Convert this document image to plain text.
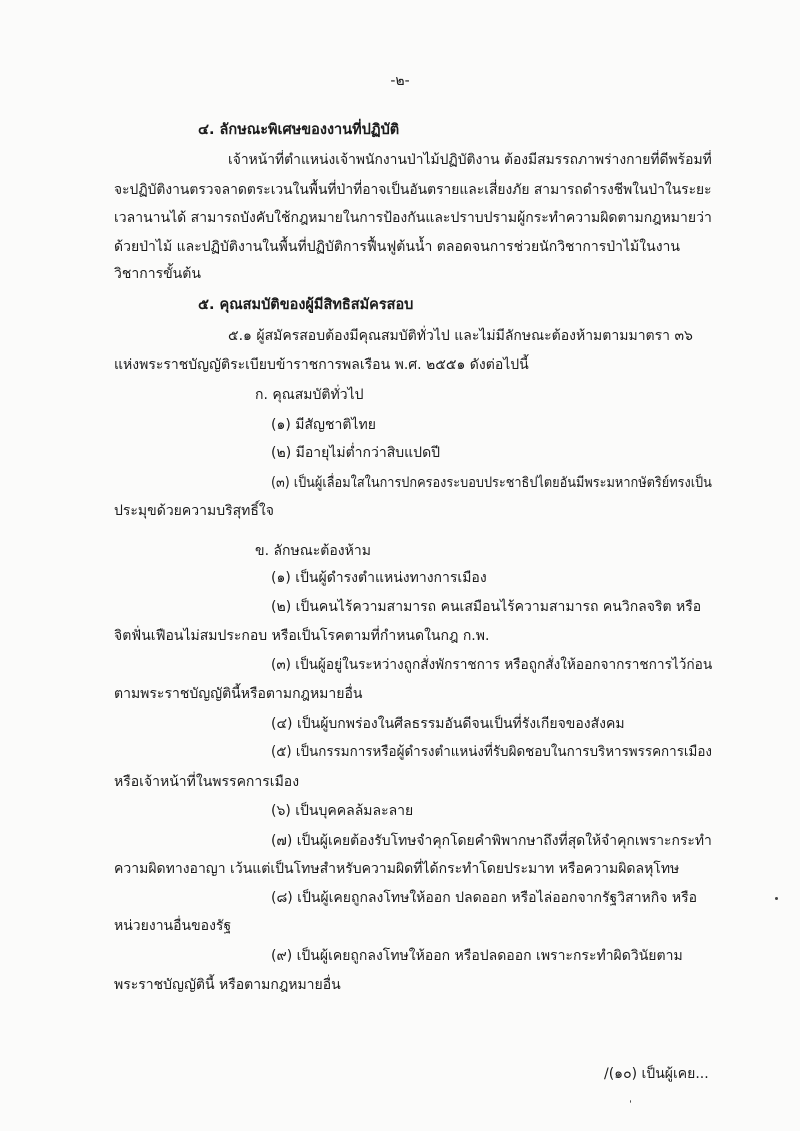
-๒-
๔. ลักษณะพิเศษของงานที่ปฏิบัติ
เจ้าหน้าที่ตำแหน่งเจ้าพนักงานป่าไม้ปฏิบัติงาน ต้องมีสมรรถภาพร่างกายที่ดีพร้อมที่
จะปฏิบัติงานตรวจลาดตระเวนในพื้นที่ป่าที่อาจเป็นอันตรายและเสี่ยงภัย สามารถดำรงชีพในป่าในระยะ
เวลานานได้ สามารถบังคับใช้กฎหมายในการป้องกันและปราบปรามผู้กระทำความผิดตามกฎหมายว่า
ด้วยป่าไม้ และปฏิบัติงานในพื้นที่ปฏิบัติการฟื้นฟูต้นน้ำ ตลอดจนการช่วยนักวิชาการป่าไม้ในงาน
วิชาการขั้นต้น
๕. คุณสมบัติของผู้มีสิทธิสมัครสอบ
๕.๑ ผู้สมัครสอบต้องมีคุณสมบัติทั่วไป และไม่มีลักษณะต้องห้ามตามมาตรา ๓๖
แห่งพระราชบัญญัติระเบียบข้าราชการพลเรือน พ.ศ. ๒๕๕๑ ดังต่อไปนี้
ก. คุณสมบัติทั่วไป
(๑) มีสัญชาติไทย
(๒) มีอายุไม่ต่ำกว่าสิบแปดปี
(๓) เป็นผู้เลื่อมใสในการปกครองระบอบประชาธิปไตยอันมีพระมหากษัตริย์ทรงเป็น
ประมุขด้วยความบริสุทธิ์ใจ
ข. ลักษณะต้องห้าม
(๑) เป็นผู้ดำรงตำแหน่งทางการเมือง
(๒) เป็นคนไร้ความสามารถ คนเสมือนไร้ความสามารถ คนวิกลจริต หรือ
จิตฟั่นเฟือนไม่สมประกอบ หรือเป็นโรคตามที่กำหนดในกฎ ก.พ.
(๓) เป็นผู้อยู่ในระหว่างถูกสั่งพักราชการ หรือถูกสั่งให้ออกจากราชการไว้ก่อน
ตามพระราชบัญญัตินี้หรือตามกฎหมายอื่น
(๔) เป็นผู้บกพร่องในศีลธรรมอันดีจนเป็นที่รังเกียจของสังคม
(๕) เป็นกรรมการหรือผู้ดำรงตำแหน่งที่รับผิดชอบในการบริหารพรรคการเมือง
หรือเจ้าหน้าที่ในพรรคการเมือง
(๖) เป็นบุคคลล้มละลาย
(๗) เป็นผู้เคยต้องรับโทษจำคุกโดยคำพิพากษาถึงที่สุดให้จำคุกเพราะกระทำ
ความผิดทางอาญา เว้นแต่เป็นโทษสำหรับความผิดที่ได้กระทำโดยประมาท หรือความผิดลหุโทษ
(๘) เป็นผู้เคยถูกลงโทษให้ออก ปลดออก หรือไล่ออกจากรัฐวิสาหกิจ หรือ
หน่วยงานอื่นของรัฐ
(๙) เป็นผู้เคยถูกลงโทษให้ออก หรือปลดออก เพราะกระทำผิดวินัยตาม
พระราชบัญญัตินี้ หรือตามกฎหมายอื่น
/(๑๐) เป็นผู้เคย...
